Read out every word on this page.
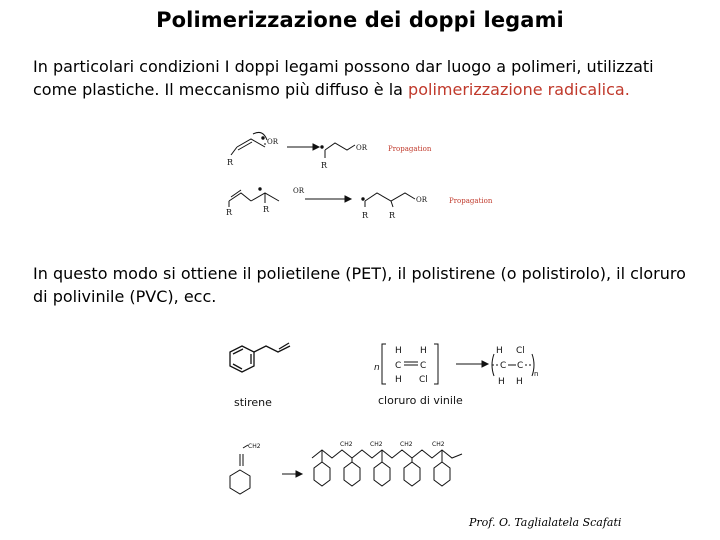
Polimerizzazione dei doppi legami
In particolari condizioni I doppi legami possono dar luogo a polimeri, utilizzati come plastiche. Il meccanismo più diffuso è la polimerizzazione radicalica.
OR
R
OR
R
Propagation
OR
R	R
OR
R	R
Propagation
In questo modo si ottiene il polietilene (PET), il polistirene (o polistirolo), il cloruro di polivinile (PVC), ecc.
stirene
n
H H
C C
H Cl
H Cl
C C
n
H H
cloruro di vinile
CH2	CH2	CH2	CH2	CH2
Prof. O. Taglialatela Scafati
